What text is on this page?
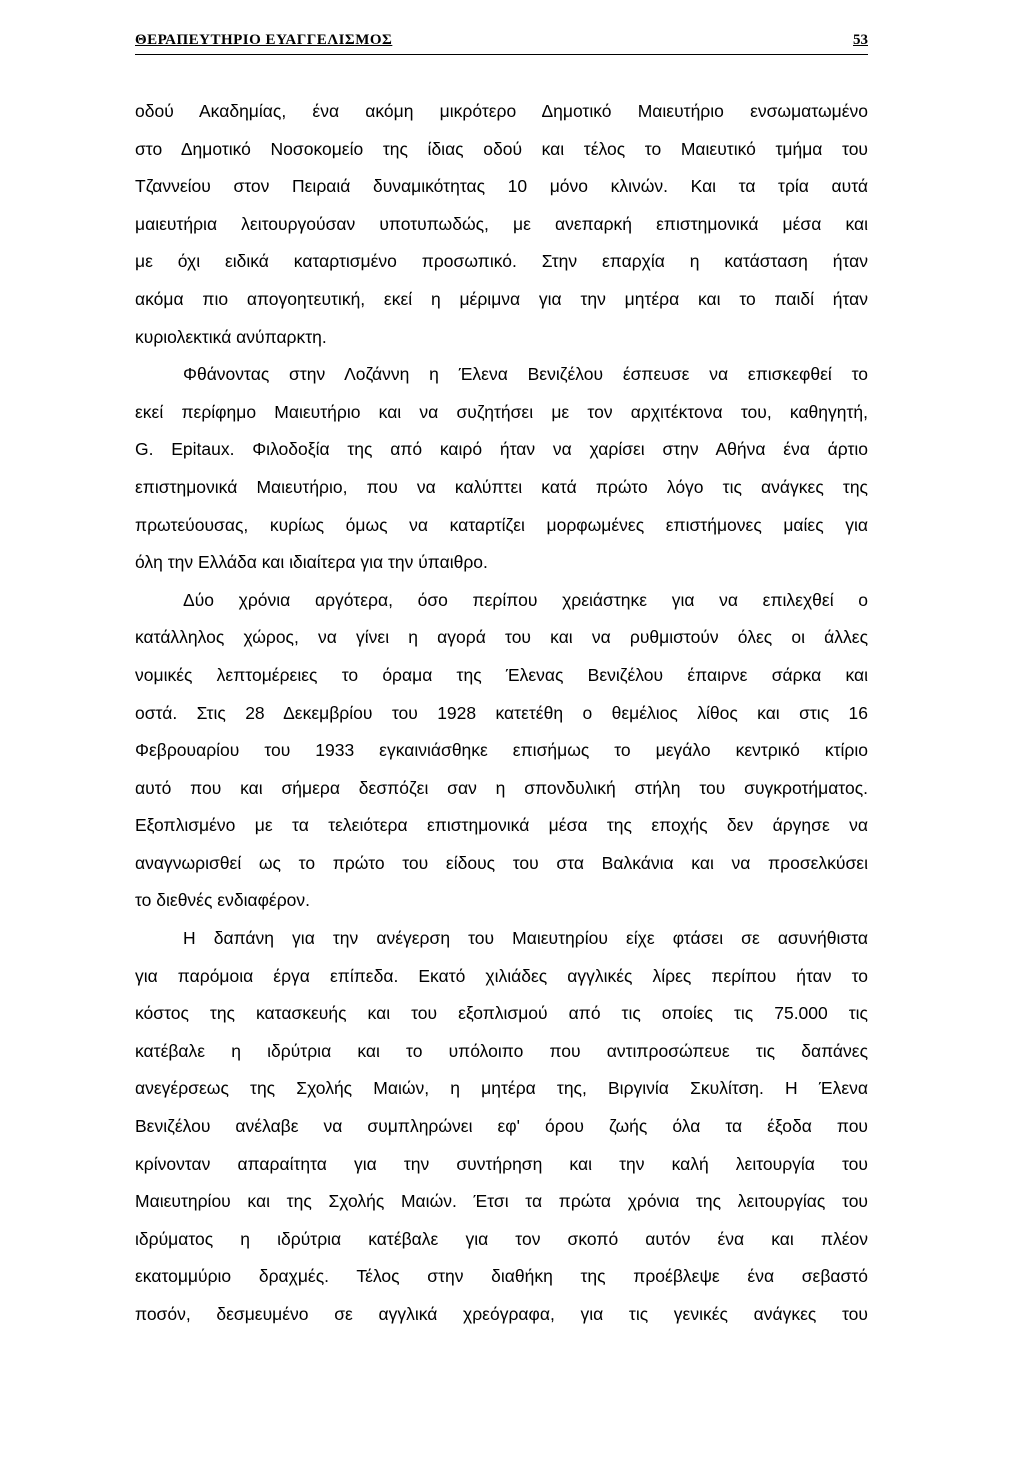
ΘΕΡΑΠΕΥΤΗΡΙΟ ΕΥΑΓΓΕΛΙΣΜΟΣ	53
οδού Ακαδημίας, ένα ακόμη μικρότερο Δημοτικό Μαιευτήριο ενσωματωμένο
στο Δημοτικό Νοσοκομείο της ίδιας οδού και τέλος το Μαιευτικό τμήμα του
Τζαννείου στον Πειραιά δυναμικότητας 10 μόνο κλινών. Και τα τρία αυτά
μαιευτήρια λειτουργούσαν υποτυπωδώς, με ανεπαρκή επιστημονικά μέσα και
με όχι ειδικά καταρτισμένο προσωπικό. Στην επαρχία η κατάσταση ήταν
ακόμα πιο απογοητευτική, εκεί η μέριμνα για την μητέρα και το παιδί ήταν
κυριολεκτικά ανύπαρκτη.
Φθάνοντας στην Λοζάννη η Έλενα Βενιζέλου έσπευσε να επισκεφθεί το
εκεί περίφημο Μαιευτήριο και να συζητήσει με τον αρχιτέκτονα του, καθηγητή,
G. Epitaux. Φιλοδοξία της από καιρό ήταν να χαρίσει στην Αθήνα ένα άρτιο
επιστημονικά Μαιευτήριο, που να καλύπτει κατά πρώτο λόγο τις ανάγκες της
πρωτεύουσας, κυρίως όμως να καταρτίζει μορφωμένες επιστήμονες μαίες για
όλη την Ελλάδα και ιδιαίτερα για την ύπαιθρο.
Δύο χρόνια αργότερα, όσο περίπου χρειάστηκε για να επιλεχθεί ο
κατάλληλος χώρος, να γίνει η αγορά του και να ρυθμιστούν όλες οι άλλες
νομικές λεπτομέρειες το όραμα της Έλενας Βενιζέλου έπαιρνε σάρκα και
οστά. Στις 28 Δεκεμβρίου του 1928 κατετέθη ο θεμέλιος λίθος και στις 16
Φεβρουαρίου του 1933 εγκαινιάσθηκε επισήμως το μεγάλο κεντρικό κτίριο
αυτό που και σήμερα δεσπόζει σαν η σπονδυλική στήλη του συγκροτήματος.
Εξοπλισμένο με τα τελειότερα επιστημονικά μέσα της εποχής δεν άργησε να
αναγνωρισθεί ως το πρώτο του είδους του στα Βαλκάνια και να προσελκύσει
το διεθνές ενδιαφέρον.
Η δαπάνη για την ανέγερση του Μαιευτηρίου είχε φτάσει σε ασυνήθιστα
για παρόμοια έργα επίπεδα. Εκατό χιλιάδες αγγλικές λίρες περίπου ήταν το
κόστος της κατασκευής και του εξοπλισμού από τις οποίες τις 75.000 τις
κατέβαλε η ιδρύτρια και το υπόλοιπο που αντιπροσώπευε τις δαπάνες
ανεγέρσεως της Σχολής Μαιών, η μητέρα της, Βιργινία Σκυλίτση. Η Έλενα
Βενιζέλου ανέλαβε να συμπληρώνει εφ' όρου ζωής όλα τα έξοδα που
κρίνονταν απαραίτητα για την συντήρηση και την καλή λειτουργία του
Μαιευτηρίου και της Σχολής Μαιών. Έτσι τα πρώτα χρόνια της λειτουργίας του
ιδρύματος η ιδρύτρια κατέβαλε για τον σκοπό αυτόν ένα και πλέον
εκατομμύριο δραχμές. Τέλος στην διαθήκη της προέβλεψε ένα σεβαστό
ποσόν, δεσμευμένο σε αγγλικά χρεόγραφα, για τις γενικές ανάγκες του
